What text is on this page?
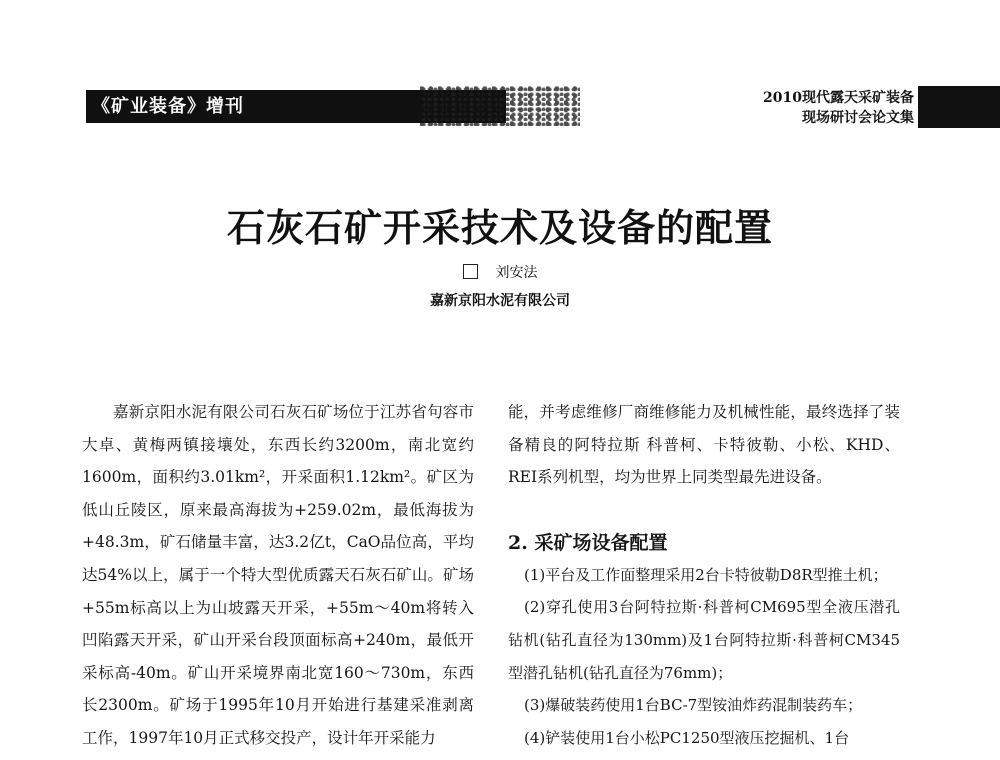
《矿业装备》增刊	2010现代露天采矿装备
现场研讨会论文集
石灰石矿开采技术及设备的配置
刘安法
嘉新京阳水泥有限公司

嘉新京阳水泥有限公司石灰石矿场位于江苏省句容市大卓、黄梅两镇接壤处，东西长约3200m，南北宽约1600m，面积约3.01km²，开采面积1.12km²。矿区为低山丘陵区，原来最高海拔为+259.02m，最低海拔为+48.3m，矿石储量丰富，达3.2亿t，CaO品位高，平均达54%以上，属于一个特大型优质露天石灰石矿山。矿场+55m标高以上为山坡露天开采，+55m～40m将转入凹陷露天开采，矿山开采台段顶面标高+240m，最低开采标高-40m。矿山开采境界南北宽160～730m，东西长2300m。矿场于1995年10月开始进行基建采准剥离工作，1997年10月正式移交投产，设计年开采能力

能，并考虑维修厂商维修能力及机械性能，最终选择了装备精良的阿特拉斯 科普柯、卡特彼勒、小松、KHD、REI系列机型，均为世界上同类型最先进设备。

2. 采矿场设备配置

(1)平台及工作面整理采用2台卡特彼勒D8R型推土机；

(2)穿孔使用3台阿特拉斯·科普柯CM695型全液压潜孔钻机(钻孔直径为130mm)及1台阿特拉斯·科普柯CM345型潜孔钻机(钻孔直径为76mm)；

(3)爆破装药使用1台BC-7型铵油炸药混制装药车；

(4)铲装使用1台小松PC1250型液压挖掘机、1台
